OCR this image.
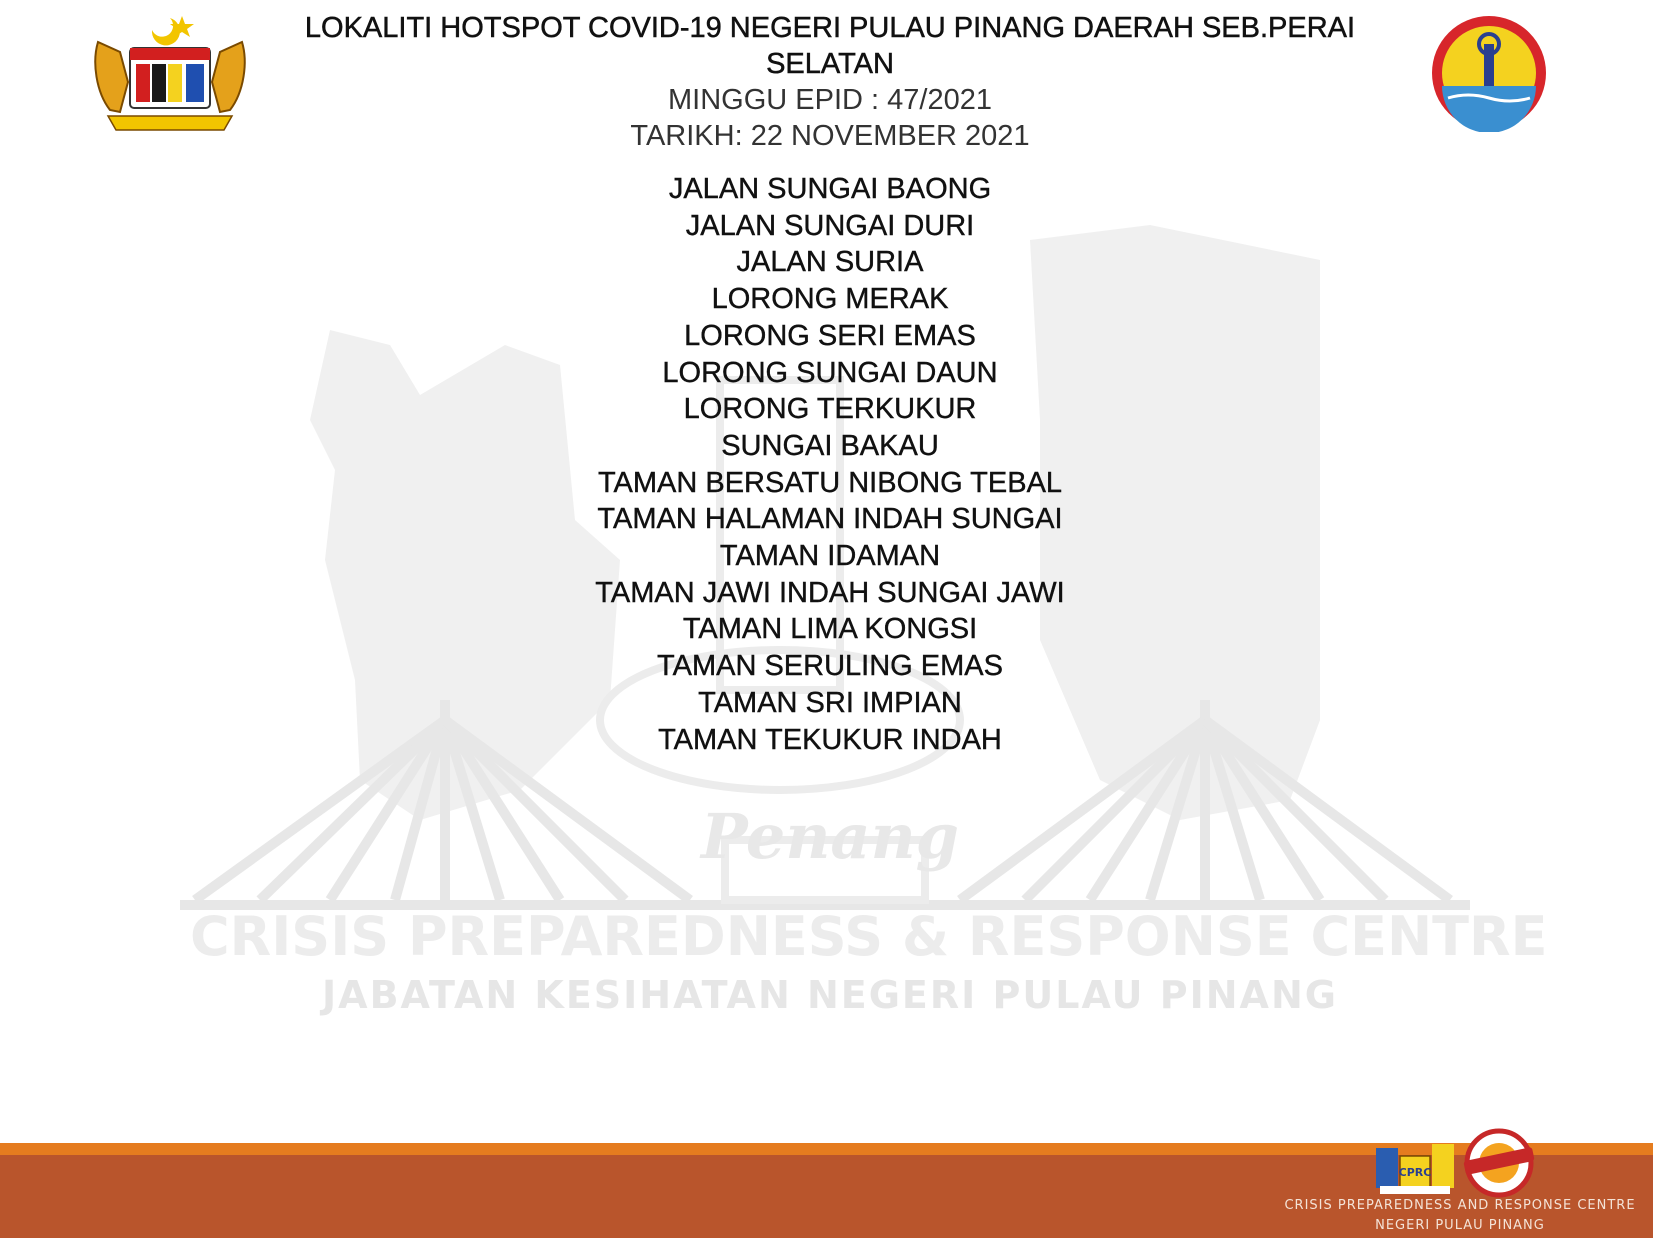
Penang
CRISIS PREPAREDNESS & RESPONSE CENTRE
JABATAN KESIHATAN NEGERI PULAU PINANG
LOKALITI HOTSPOT COVID-19 NEGERI PULAU PINANG DAERAH SEB.PERAI SELATAN
MINGGU EPID : 47/2021
TARIKH: 22 NOVEMBER 2021
JALAN SUNGAI BAONG
JALAN SUNGAI DURI
JALAN SURIA
LORONG MERAK
LORONG SERI EMAS
LORONG SUNGAI DAUN
LORONG TERKUKUR
SUNGAI BAKAU
TAMAN BERSATU NIBONG TEBAL
TAMAN HALAMAN INDAH SUNGAI
TAMAN IDAMAN
TAMAN JAWI INDAH SUNGAI JAWI
TAMAN LIMA KONGSI
TAMAN SERULING EMAS
TAMAN SRI IMPIAN
TAMAN TEKUKUR INDAH
CPRC
CRISIS PREPAREDNESS AND RESPONSE CENTRE
NEGERI PULAU PINANG
